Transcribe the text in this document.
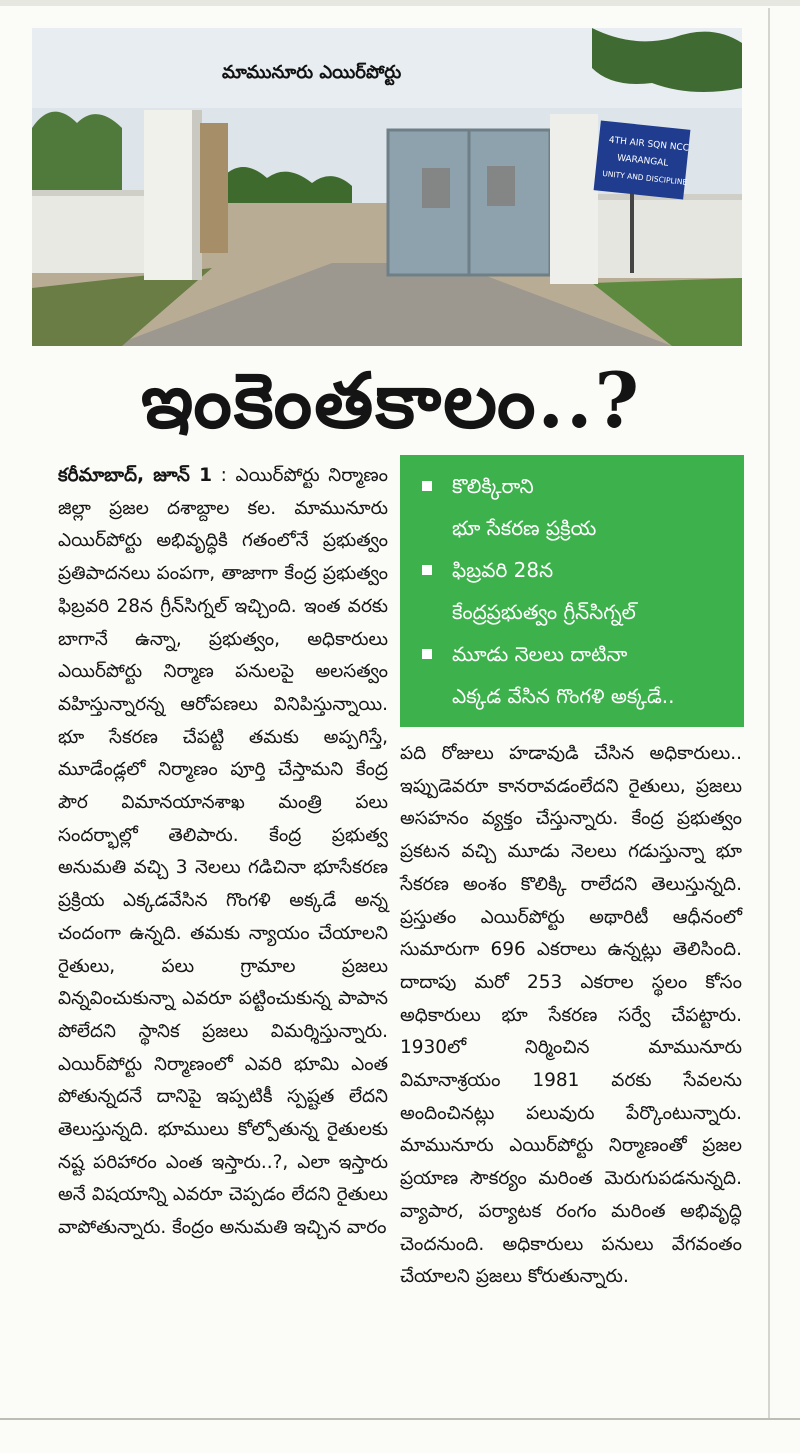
4TH AIR SQN NCC
WARANGAL
UNITY AND DISCIPLINE
మామునూరు ఎయిర్‌పోర్టు
ఇంకెంతకాలం..?

కరీమాబాద్‌, జూన్‌ 1 : ఎయిర్‌పోర్టు నిర్మాణం జిల్లా ప్రజల దశాబ్దాల కల. మామునూరు ఎయిర్‌పోర్టు అభివృద్ధికి గతంలోనే ప్రభుత్వం ప్రతిపాదనలు పంపగా, తాజాగా కేంద్ర ప్రభుత్వం ఫిబ్రవరి 28న గ్రీన్‌సిగ్నల్‌ ఇచ్చింది. ఇంత వరకు బాగానే ఉన్నా, ప్రభుత్వం, అధికారులు ఎయిర్‌పోర్టు నిర్మాణ పనులపై అలసత్వం వహిస్తున్నారన్న ఆరోపణలు వినిపిస్తున్నాయి. భూ సేకరణ చేపట్టి తమకు అప్పగిస్తే, మూడేండ్లలో నిర్మాణం పూర్తి చేస్తామని కేంద్ర పౌర విమానయానశాఖ మంత్రి పలు సందర్భాల్లో తెలిపారు. కేంద్ర ప్రభుత్వ అనుమతి వచ్చి 3 నెలలు గడిచినా భూసేకరణ ప్రక్రియ ఎక్కడవేసిన గొంగళి అక్కడే అన్న చందంగా ఉన్నది. తమకు న్యాయం చేయాలని రైతులు, పలు గ్రామాల ప్రజలు విన్నవించుకున్నా ఎవరూ పట్టించుకున్న పాపాన పోలేదని స్థానిక ప్రజలు విమర్శిస్తున్నారు. ఎయిర్‌పోర్టు నిర్మాణంలో ఎవరి భూమి ఎంత పోతున్నదనే దానిపై ఇప్పటికీ స్పష్టత లేదని తెలుస్తున్నది. భూములు కోల్పోతున్న రైతులకు నష్ట పరిహారం ఎంత ఇస్తారు..?, ఎలా ఇస్తారు అనే విషయాన్ని ఎవరూ చెప్పడం లేదని రైతులు వాపోతున్నారు. కేంద్రం అనుమతి ఇచ్చిన వారం

కొలిక్కిరాని
భూ సేకరణ ప్రక్రియ
ఫిబ్రవరి 28న
కేంద్రప్రభుత్వం గ్రీన్‌సిగ్నల్‌
మూడు నెలలు దాటినా
ఎక్కడ వేసిన గొంగళి అక్కడే..

పది రోజులు హడావుడి చేసిన అధికారులు.. ఇప్పుడెవరూ కానరావడంలేదని రైతులు, ప్రజలు అసహనం వ్యక్తం చేస్తున్నారు. కేంద్ర ప్రభుత్వం ప్రకటన వచ్చి మూడు నెలలు గడుస్తున్నా భూ సేకరణ అంశం కొలిక్కి రాలేదని తెలుస్తున్నది. ప్రస్తుతం ఎయిర్‌పోర్టు అథారిటీ ఆధీనంలో సుమారుగా 696 ఎకరాలు ఉన్నట్లు తెలిసింది. దాదాపు మరో 253 ఎకరాల స్థలం కోసం అధికారులు భూ సేకరణ సర్వే చేపట్టారు. 1930లో నిర్మించిన మామునూరు విమానాశ్రయం 1981 వరకు సేవలను అందించినట్లు పలువురు పేర్కొంటున్నారు. మామునూరు ఎయిర్‌పోర్టు నిర్మాణంతో ప్రజల ప్రయాణ సౌకర్యం మరింత మెరుగుపడనున్నది. వ్యాపార, పర్యాటక రంగం మరింత అభివృద్ధి చెందనుంది. అధికారులు పనులు వేగవంతం చేయాలని ప్రజలు కోరుతున్నారు.
